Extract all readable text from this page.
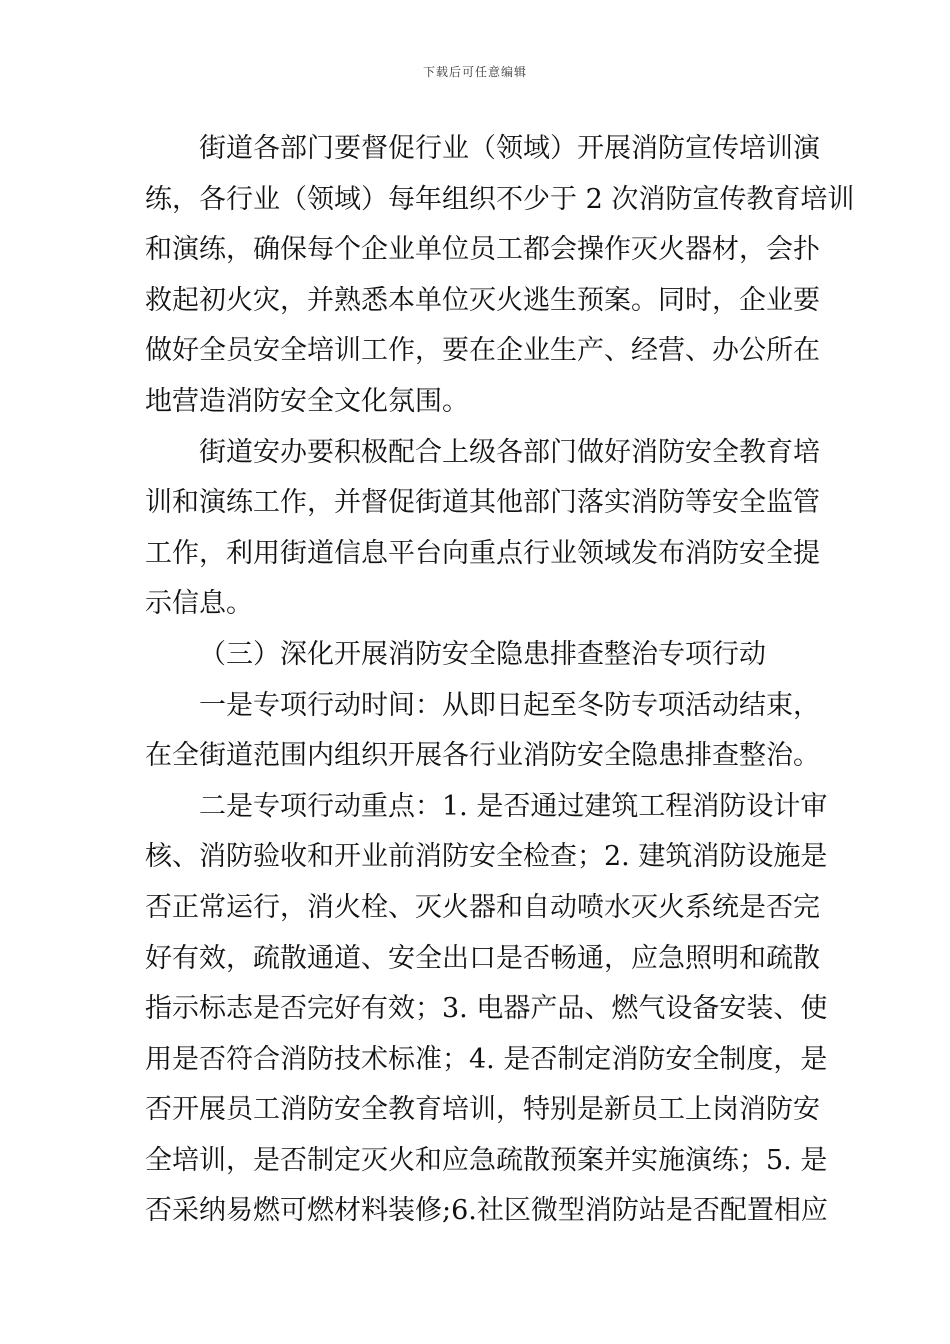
下载后可任意编辑
街道各部门要督促行业（领域）开展消防宣传培训演
练，各行业（领域）每年组织不少于 2 次消防宣传教育培训
和演练，确保每个企业单位员工都会操作灭火器材，会扑
救起初火灾，并熟悉本单位灭火逃生预案。同时，企业要
做好全员安全培训工作，要在企业生产、经营、办公所在
地营造消防安全文化氛围。
街道安办要积极配合上级各部门做好消防安全教育培
训和演练工作，并督促街道其他部门落实消防等安全监管
工作，利用街道信息平台向重点行业领域发布消防安全提
示信息。
（三）深化开展消防安全隐患排查整治专项行动
一是专项行动时间：从即日起至冬防专项活动结束，
在全街道范围内组织开展各行业消防安全隐患排查整治。
二是专项行动重点：1. 是否通过建筑工程消防设计审
核、消防验收和开业前消防安全检查；2. 建筑消防设施是
否正常运行，消火栓、灭火器和自动喷水灭火系统是否完
好有效，疏散通道、安全出口是否畅通，应急照明和疏散
指示标志是否完好有效；3. 电器产品、燃气设备安装、使
用是否符合消防技术标准；4. 是否制定消防安全制度，是
否开展员工消防安全教育培训，特别是新员工上岗消防安
全培训，是否制定灭火和应急疏散预案并实施演练；5. 是
否采纳易燃可燃材料装修;6.社区微型消防站是否配置相应
